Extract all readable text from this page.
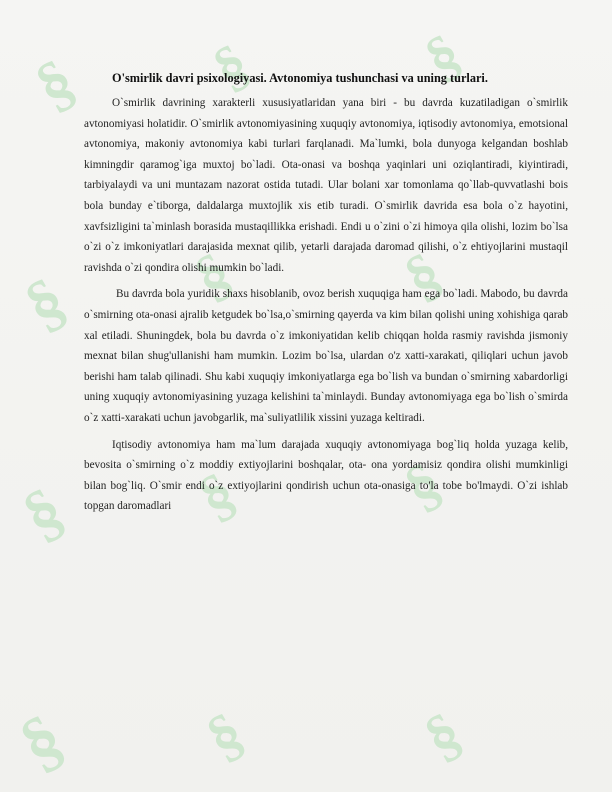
§ §	§
§ §	§
§ § §
§ §	§

O'smirlik davri psixologiyasi. Avtonomiya tushunchasi va uning turlari.

O`smirlik davrining xarakterli xususiyatlaridan yana biri - bu davrda kuzatiladigan o`smirlik avtonomiyasi holatidir. O`smirlik avtonomiyasining xuquqiy avtonomiya, iqtisodiy avtonomiya, emotsional avtonomiya, makoniy avtonomiya kabi turlari farqlanadi. Ma`lumki, bola dunyoga kelgandan boshlab kimningdir qaramog`iga muxtoj bo`ladi. Ota-onasi va boshqa yaqinlari uni oziqlantiradi, kiyintiradi, tarbiyalaydi va uni muntazam nazorat ostida tutadi. Ular bolani xar tomonlama qo`llab-quvvatlashi bois bola bunday e`tiborga, daldalarga muxtojlik xis etib turadi. O`smirlik davrida esa bola o`z hayotini, xavfsizligini ta`minlash borasida mustaqillikka erishadi. Endi u o`zini o`zi himoya qila olishi, lozim bo`lsa o`zi o`z imkoniyatlari darajasida mexnat qilib, yetarli darajada daromad qilishi, o`z ehtiyojlarini mustaqil ravishda o`zi qondira olishi mumkin bo`ladi.

Bu davrda bola yuridik shaxs hisoblanib, ovoz berish xuquqiga ham ega bo`ladi. Mabodo, bu davrda o`smirning ota-onasi ajralib ketgudek bo`lsa,o`smirning qayerda va kim bilan qolishi uning xohishiga qarab xal etiladi. Shuningdek, bola bu davrda o`z imkoniyatidan kelib chiqqan holda rasmiy ravishda jismoniy mexnat bilan shug'ullanishi ham mumkin. Lozim bo`lsa, ulardan o'z xatti-xarakati, qiliqlari uchun javob berishi ham talab qilinadi. Shu kabi xuquqiy imkoniyatlarga ega bo`lish va bundan o`smirning xabardorligi uning xuquqiy avtonomiyasining yuzaga kelishini ta`minlaydi. Bunday avtonomiyaga ega bo`lish o`smirda o`z xatti-xarakati uchun javobgarlik, ma`suliyatlilik xissini yuzaga keltiradi.

Iqtisodiy avtonomiya ham ma`lum darajada xuquqiy avtonomiyaga bog`liq holda yuzaga kelib, bevosita o`smirning o`z moddiy extiyojlarini boshqalar, ota- ona yordamisiz qondira olishi mumkinligi bilan bog`liq. O`smir endi o`z extiyojlarini qondirish uchun ota-onasiga to'la tobe bo'lmaydi. O`zi ishlab topgan daromadlari
